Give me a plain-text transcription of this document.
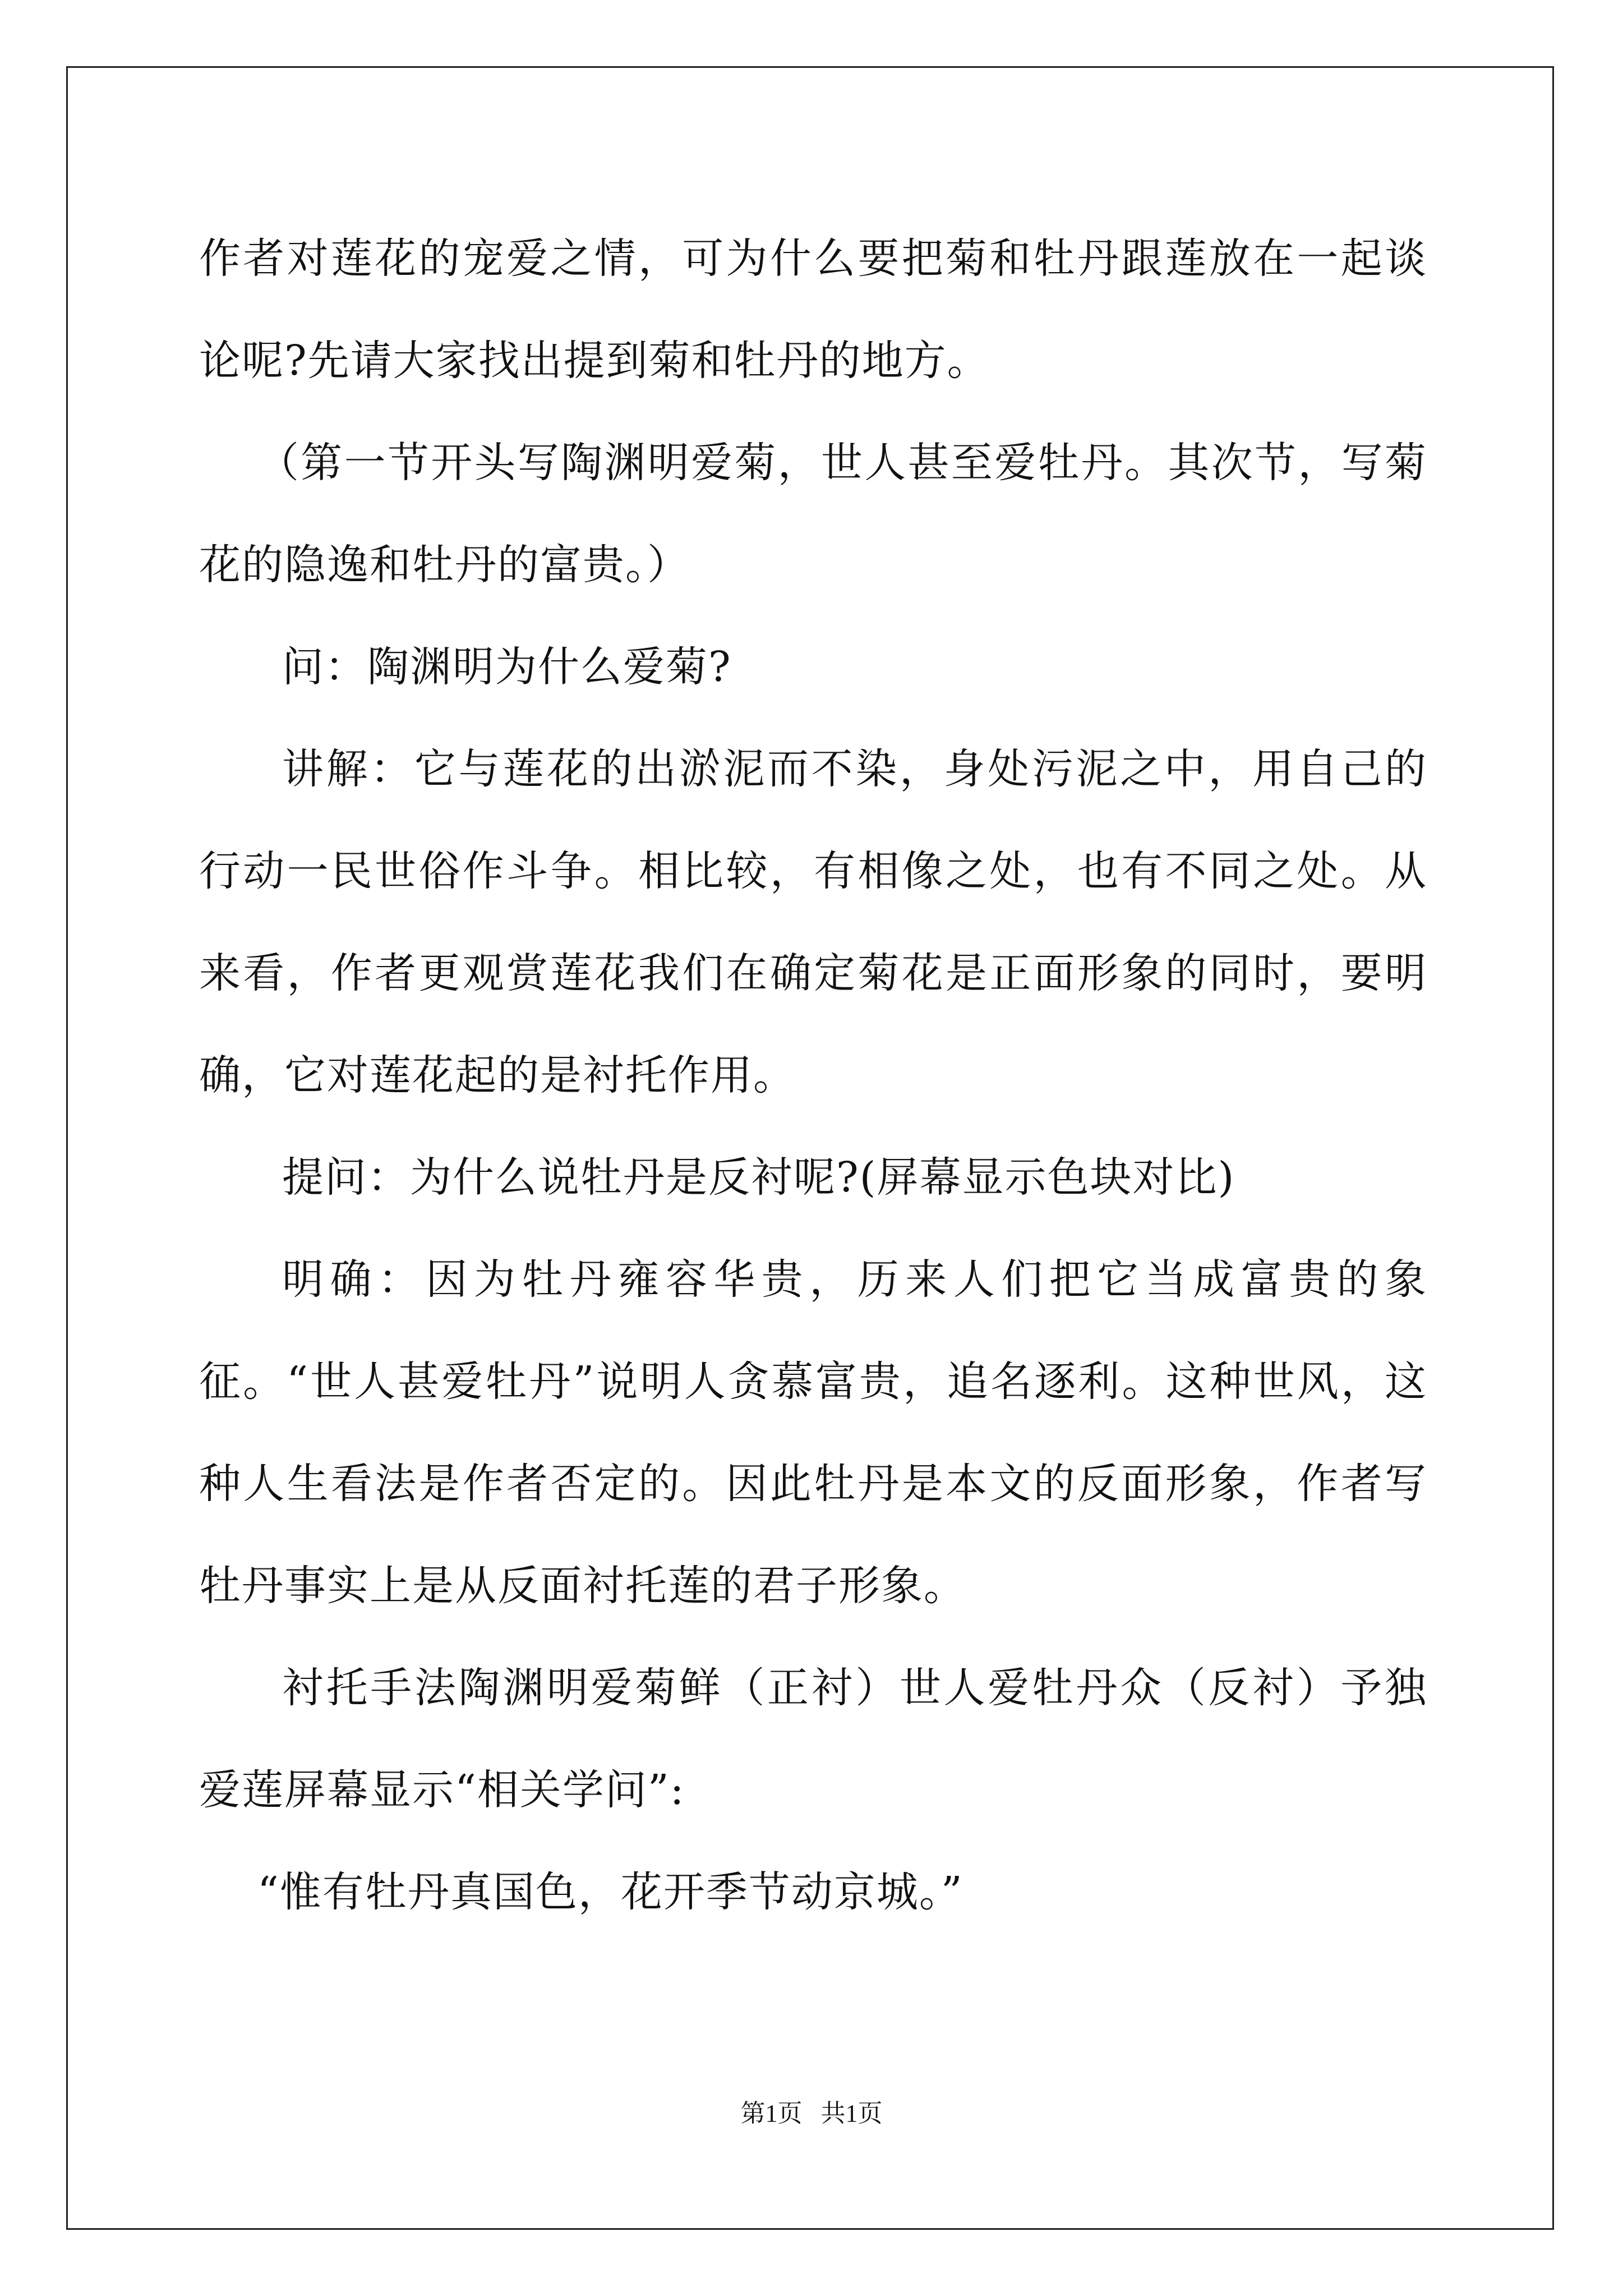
作者对莲花的宠爱之情，可为什么要把菊和牡丹跟莲放在一起谈论呢?先请大家找出提到菊和牡丹的地方。

（第一节开头写陶渊明爱菊，世人甚至爱牡丹。其次节，写菊花的隐逸和牡丹的富贵。）

问：陶渊明为什么爱菊?

讲解：它与莲花的出淤泥而不染，身处污泥之中，用自己的行动一民世俗作斗争。相比较，有相像之处，也有不同之处。从来看，作者更观赏莲花我们在确定菊花是正面形象的同时，要明确，它对莲花起的是衬托作用。

提问：为什么说牡丹是反衬呢?(屏幕显示色块对比)

明确：因为牡丹雍容华贵，历来人们把它当成富贵的象征。“世人甚爱牡丹”说明人贪慕富贵，追名逐利。这种世风，这种人生看法是作者否定的。因此牡丹是本文的反面形象，作者写牡丹事实上是从反面衬托莲的君子形象。

衬托手法陶渊明爱菊鲜（正衬）世人爱牡丹众（反衬）予独爱莲屏幕显示“相关学问”:

“惟有牡丹真国色，花开季节动京城。”

第1页 共1页
